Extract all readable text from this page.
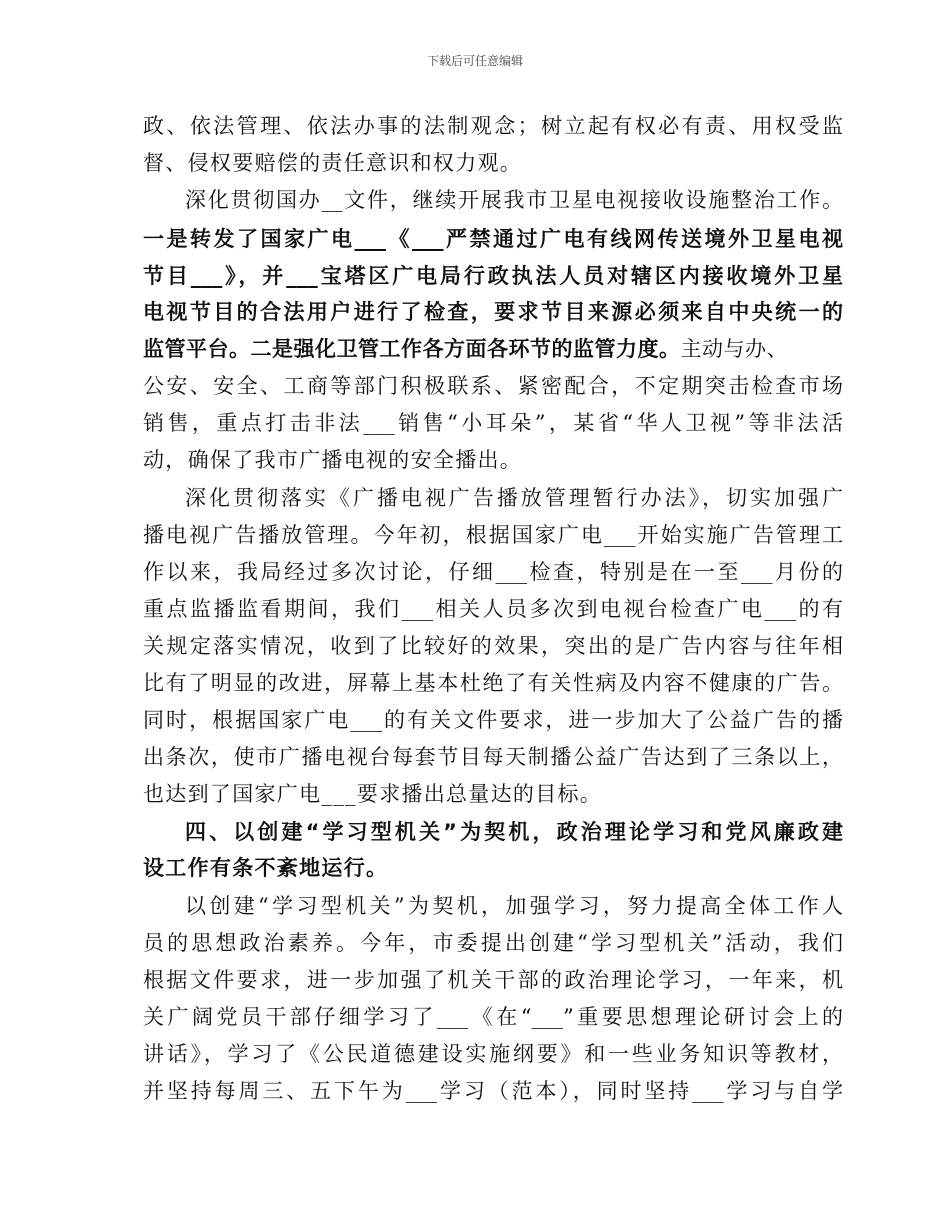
下载后可任意编辑
政、依法管理、依法办事的法制观念；树立起有权必有责、用权受监
督、侵权要赔偿的责任意识和权力观。
深化贯彻国办__文件，继续开展我市卫星电视接收设施整治工作。
一是转发了国家广电___《___严禁通过广电有线网传送境外卫星电视
节目___》，并___宝塔区广电局行政执法人员对辖区内接收境外卫星
电视节目的合法用户进行了检查，要求节目来源必须来自中央统一的
监管平台。二是强化卫管工作各方面各环节的监管力度。主动与办、
公安、安全、工商等部门积极联系、紧密配合，不定期突击检查市场
销售，重点打击非法___销售“小耳朵”，某省“华人卫视”等非法活
动，确保了我市广播电视的安全播出。
深化贯彻落实《广播电视广告播放管理暂行办法》，切实加强广
播电视广告播放管理。今年初，根据国家广电___开始实施广告管理工
作以来，我局经过多次讨论，仔细___检查，特别是在一至___月份的
重点监播监看期间，我们___相关人员多次到电视台检查广电___的有
关规定落实情况，收到了比较好的效果，突出的是广告内容与往年相
比有了明显的改进，屏幕上基本杜绝了有关性病及内容不健康的广告。
同时，根据国家广电___的有关文件要求，进一步加大了公益广告的播
出条次，使市广播电视台每套节目每天制播公益广告达到了三条以上，
也达到了国家广电___要求播出总量达的目标。
四、以创建“学习型机关”为契机，政治理论学习和党风廉政建
设工作有条不紊地运行。
以创建“学习型机关”为契机，加强学习，努力提高全体工作人
员的思想政治素养。今年，市委提出创建“学习型机关”活动，我们
根据文件要求，进一步加强了机关干部的政治理论学习，一年来，机
关广阔党员干部仔细学习了___《在“___”重要思想理论研讨会上的
讲话》，学习了《公民道德建设实施纲要》和一些业务知识等教材，
并坚持每周三、五下午为___学习（范本），同时坚持___学习与自学
